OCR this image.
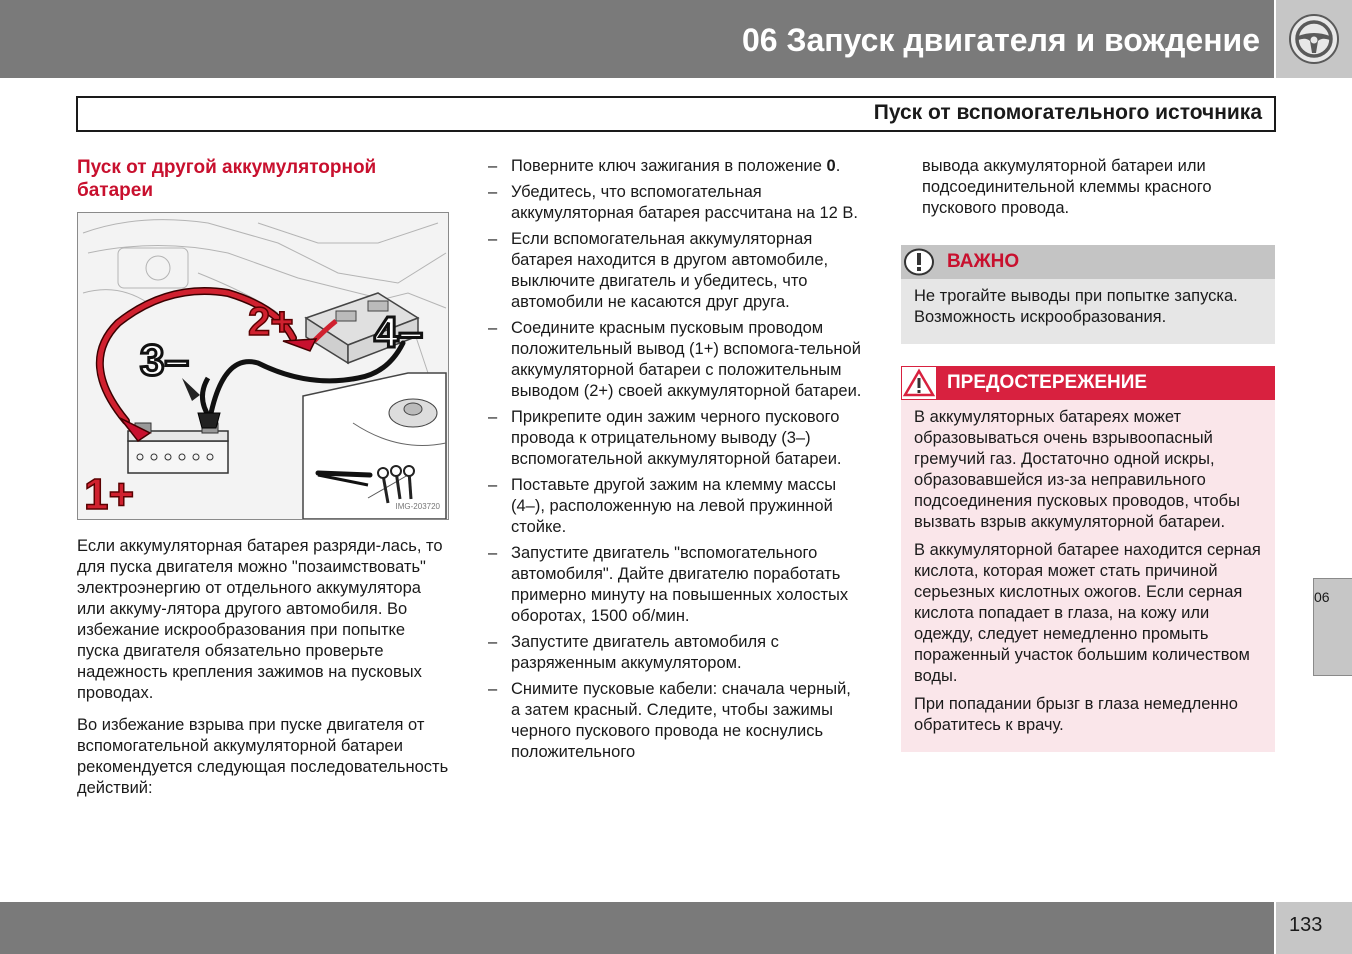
06 Запуск двигателя и вождение
Пуск от вспомогательного источника
Пуск от другой аккумуляторной батареи
1+
2+
3–
4–
IMG-203720

Если аккумуляторная батарея разряди-лась, то для пуска двигателя можно "позаимствовать" электроэнергию от отдельного аккумулятора или аккуму-лятора другого автомобиля. Во избежание искрообразования при попытке пуска двигателя обязательно проверьте надежность крепления зажимов на пусковых проводах.

Во избежание взрыва при пуске двигателя от вспомогательной аккумуляторной батареи рекомендуется следующая последовательность действий:

– Поверните ключ зажигания в положение 0.
– Убедитесь, что вспомогательная аккумуляторная батарея рассчитана на 12 В.
– Если вспомогательная аккумуляторная батарея находится в другом автомобиле, выключите двигатель и убедитесь, что автомобили не касаются друг друга.
– Соедините красным пусковым проводом положительный вывод (1+) вспомога-тельной аккумуляторной батареи с положительным выводом (2+) своей аккумуляторной батареи.
– Прикрепите один зажим черного пускового провода к отрицательному выводу (3–) вспомогательной аккумуляторной батареи.
– Поставьте другой зажим на клемму массы (4–), расположенную на левой пружинной стойке.
– Запустите двигатель "вспомогательного автомобиля". Дайте двигателю поработать примерно минуту на повышенных холостых оборотах, 1500 об/мин.
– Запустите двигатель автомобиля с разряженным аккумулятором.
– Снимите пусковые кабели: сначала черный, а затем красный. Следите, чтобы зажимы черного пускового провода не коснулись положительного

вывода аккумуляторной батареи или подсоединительной клеммы красного пускового провода.

ВАЖНО

Не трогайте выводы при попытке запуска. Возможность искрообразования.

ПРЕДОСТЕРЕЖЕНИЕ

В аккумуляторных батареях может образовываться очень взрывоопасный гремучий газ. Достаточно одной искры, образовавшейся из-за неправильного подсоединения пусковых проводов, чтобы вызвать взрыв аккумуляторной батареи.

В аккумуляторной батарее находится серная кислота, которая может стать причиной серьезных кислотных ожогов. Если серная кислота попадает в глаза, на кожу или одежду, следует немедленно промыть пораженный участок большим количеством воды.

При попадании брызг в глаза немедленно обратитесь к врачу.

06
133
